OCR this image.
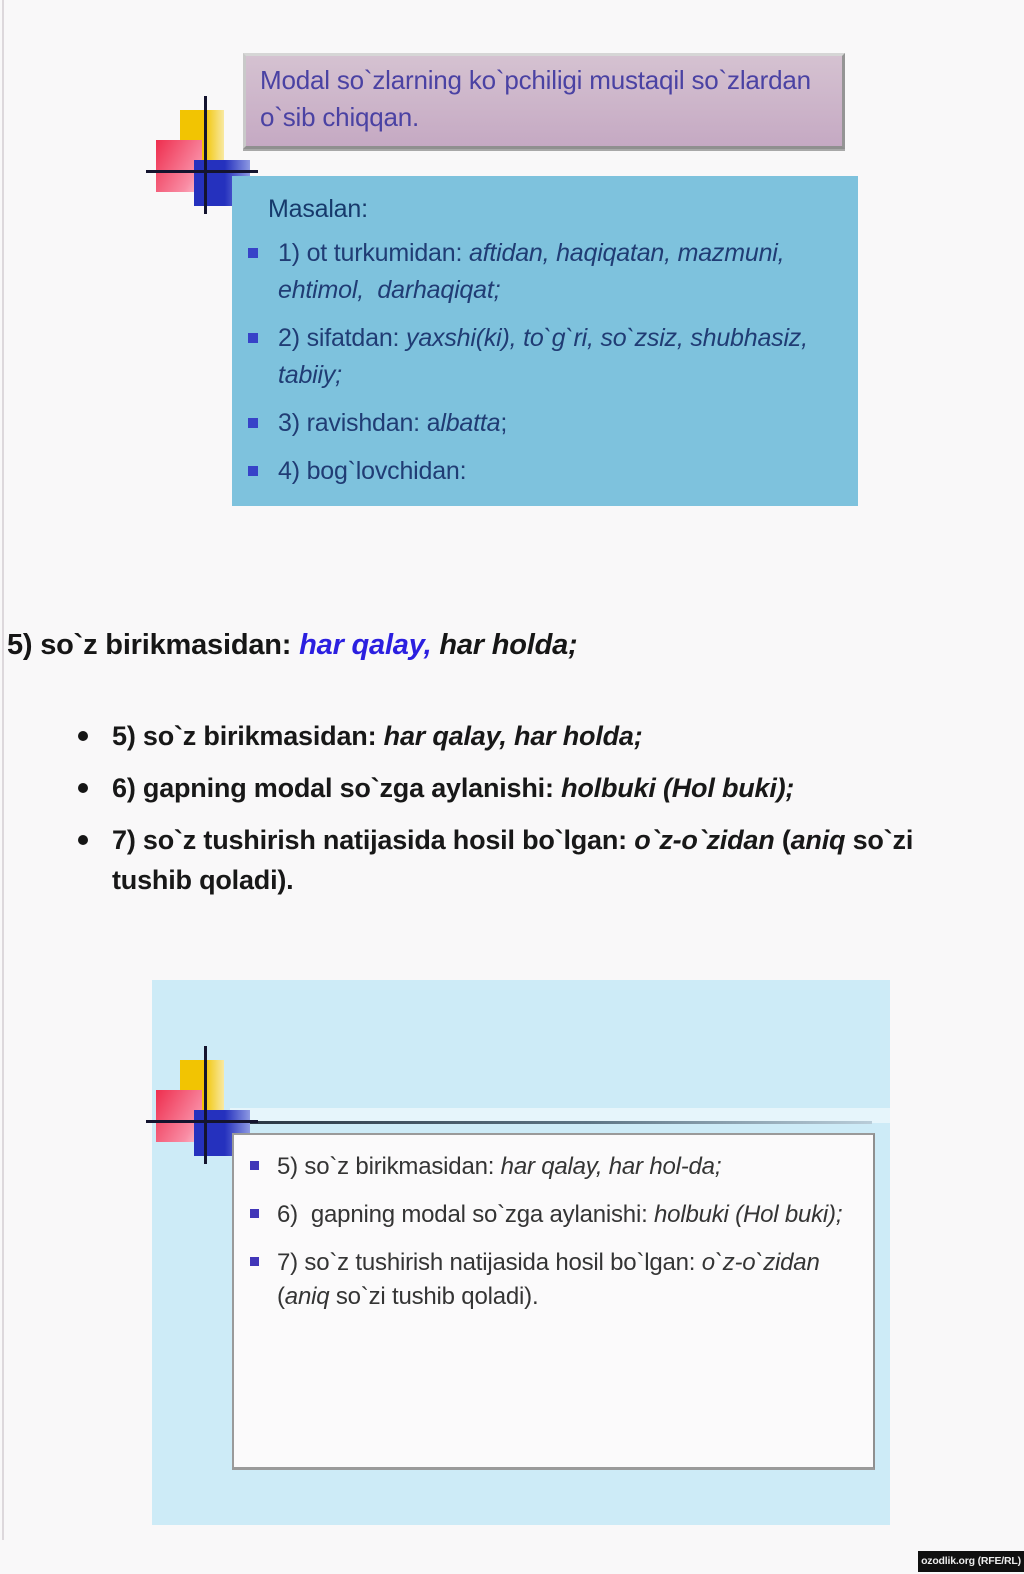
Modal so`zlarning ko`pchiligi mustaqil so`zlardan o`sib chiqqan.
Masalan:
1) ot turkumidan: aftidan, haqiqatan, mazmuni, ehtimol,  darhaqiqat;
2) sifatdan: yaxshi(ki), to`g`ri, so`zsiz, shubhasiz, tabiiy;
3) ravishdan: albatta;
4) bog`lovchidan:
5) so`z birikmasidan: har qalay, har holda;
5) so`z birikmasidan: har qalay, har holda;
6) gapning modal so`zga aylanishi: holbuki (Hol buki);
7) so`z tushirish natijasida hosil bo`lgan: o`z-o`zidan (aniq so`zi tushib qoladi).
5) so`z birikmasidan: har qalay, har hol-da;
6)  gapning modal so`zga aylanishi: holbuki (Hol buki);
7) so`z tushirish natijasida hosil bo`lgan: o`z-o`zidan (aniq so`zi tushib qoladi).
ozodlik.org (RFE/RL)
